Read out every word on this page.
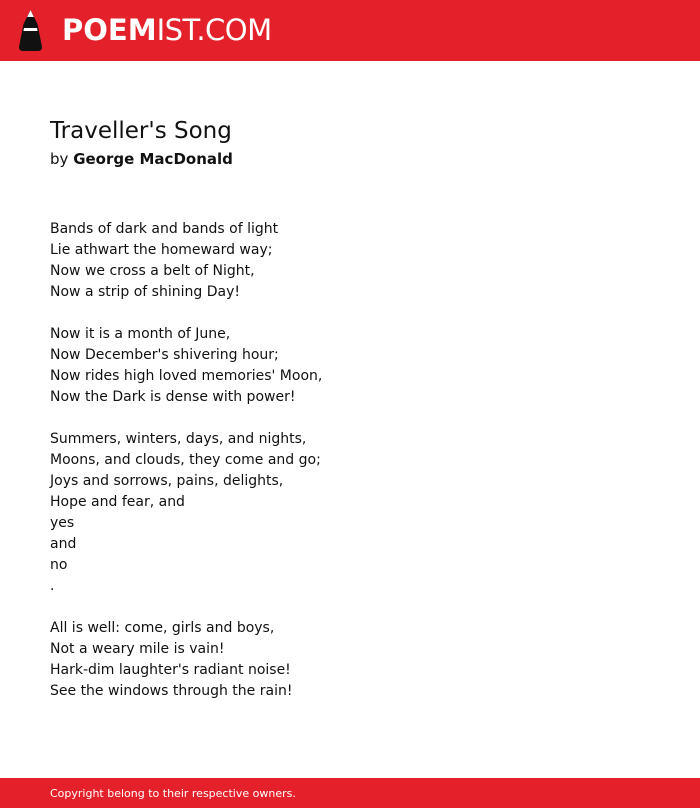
POEMIST.COM
Traveller's Song
by George MacDonald
Bands of dark and bands of light
Lie athwart the homeward way;
Now we cross a belt of Night,
Now a strip of shining Day!
Now it is a month of June,
Now December's shivering hour;
Now rides high loved memories' Moon,
Now the Dark is dense with power!
Summers, winters, days, and nights,
Moons, and clouds, they come and go;
Joys and sorrows, pains, delights,
Hope and fear, and
yes
and
no
.
All is well: come, girls and boys,
Not a weary mile is vain!
Hark-dim laughter's radiant noise!
See the windows through the rain!
Copyright belong to their respective owners.
